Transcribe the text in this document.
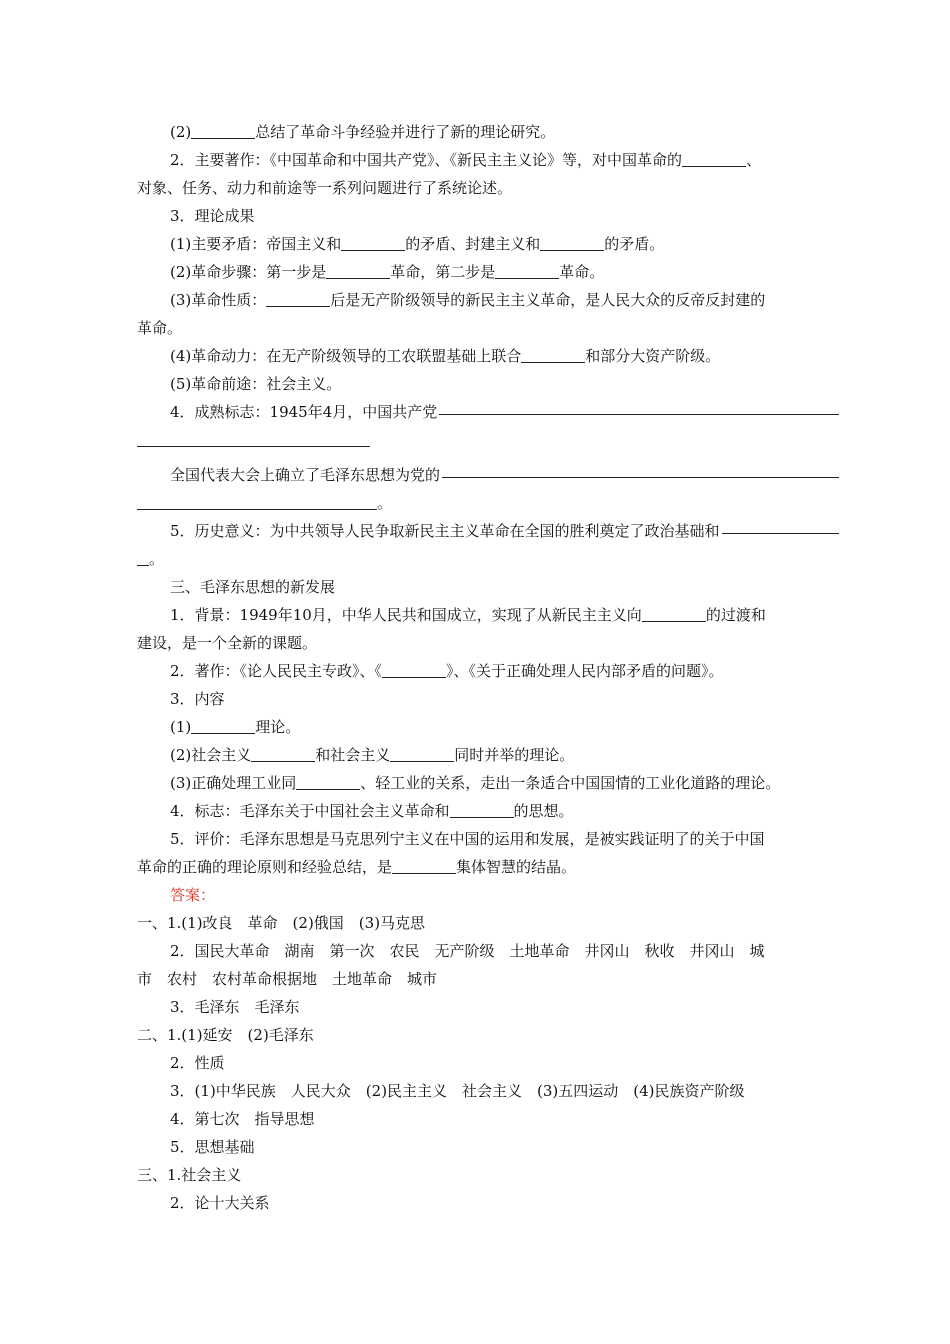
(2)	总结了革命斗争经验并进行了新的理论研究。

2．主要著作：《中国革命和中国共产党》、《新民主主义论》等，对中国革命的	、

对象、任务、动力和前途等一系列问题进行了系统论述。

3．理论成果

(1)主要矛盾：帝国主义和	的矛盾、封建主义和	的矛盾。

(2)革命步骤：第一步是	革命，第二步是	革命。

(3)革命性质：	后是无产阶级领导的新民主主义革命，是人民大众的反帝反封建的

革命。

(4)革命动力：在无产阶级领导的工农联盟基础上联合	和部分大资产阶级。

(5)革命前途：社会主义。

4．成熟标志：1945年4月，中国共产党

全国代表大会上确立了毛泽东思想为党的

。

5．历史意义：为中共领导人民争取新民主主义革命在全国的胜利奠定了政治基础和

。

三、毛泽东思想的新发展

1．背景：1949年10月，中华人民共和国成立，实现了从新民主主义向	的过渡和

建设，是一个全新的课题。

2．著作：《论人民民主专政》、《	》、《关于正确处理人民内部矛盾的问题》。

3．内容

(1)	理论。

(2)社会主义	和社会主义	同时并举的理论。

(3)正确处理工业同	、轻工业的关系，走出一条适合中国国情的工业化道路的理论。

4．标志：毛泽东关于中国社会主义革命和	的思想。

5．评价：毛泽东思想是马克思列宁主义在中国的运用和发展，是被实践证明了的关于中国

革命的正确的理论原则和经验总结，是	集体智慧的结晶。

答案：

一、1.(1)改良　革命　(2)俄国　(3)马克思

2．国民大革命　湖南　第一次　农民　无产阶级　土地革命　井冈山　秋收　井冈山　城

市　农村　农村革命根据地　土地革命　城市

3．毛泽东　毛泽东

二、1.(1)延安　(2)毛泽东

2．性质

3．(1)中华民族　人民大众　(2)民主主义　社会主义　(3)五四运动　(4)民族资产阶级

4．第七次　指导思想

5．思想基础

三、1.社会主义

2．论十大关系
